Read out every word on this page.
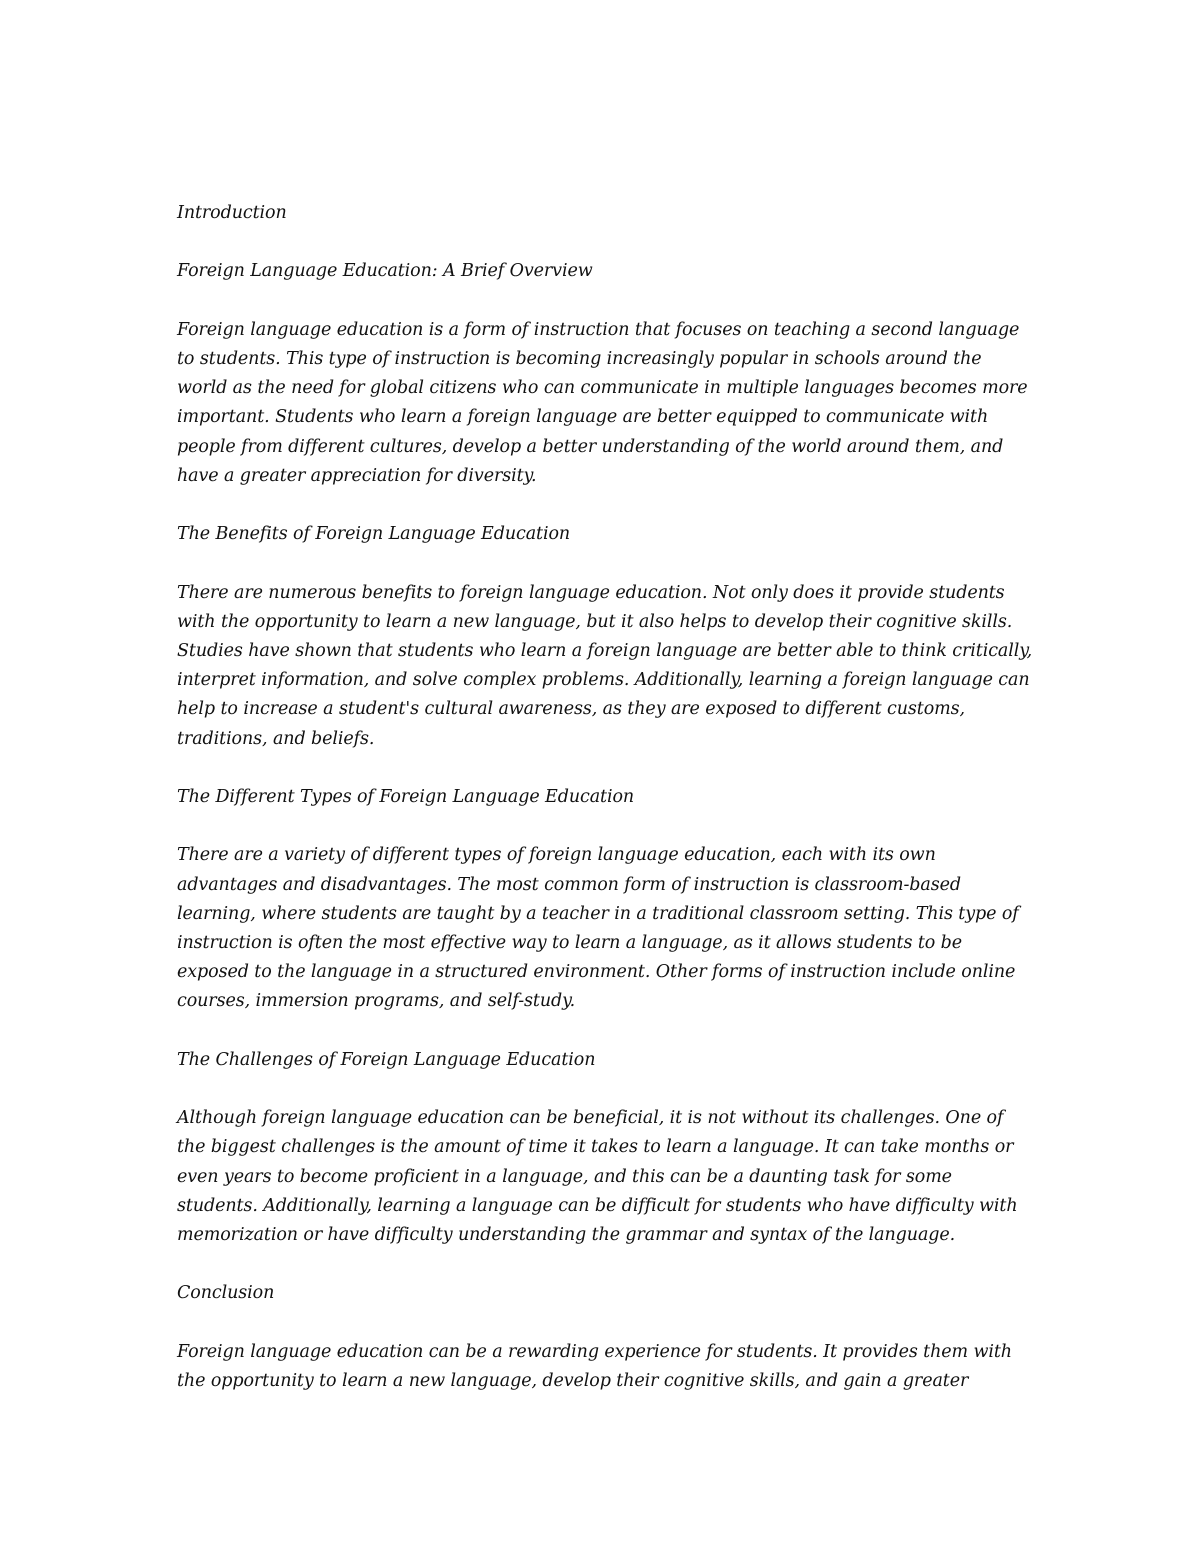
Introduction

Foreign Language Education: A Brief Overview

Foreign language education is a form of instruction that focuses on teaching a second language to students. This type of instruction is becoming increasingly popular in schools around the world as the need for global citizens who can communicate in multiple languages becomes more important. Students who learn a foreign language are better equipped to communicate with people from different cultures, develop a better understanding of the world around them, and have a greater appreciation for diversity.

The Benefits of Foreign Language Education

There are numerous benefits to foreign language education. Not only does it provide students with the opportunity to learn a new language, but it also helps to develop their cognitive skills. Studies have shown that students who learn a foreign language are better able to think critically, interpret information, and solve complex problems. Additionally, learning a foreign language can help to increase a student's cultural awareness, as they are exposed to different customs, traditions, and beliefs.

The Different Types of Foreign Language Education

There are a variety of different types of foreign language education, each with its own advantages and disadvantages. The most common form of instruction is classroom-based learning, where students are taught by a teacher in a traditional classroom setting. This type of instruction is often the most effective way to learn a language, as it allows students to be exposed to the language in a structured environment. Other forms of instruction include online courses, immersion programs, and self-study.

The Challenges of Foreign Language Education

Although foreign language education can be beneficial, it is not without its challenges. One of the biggest challenges is the amount of time it takes to learn a language. It can take months or even years to become proficient in a language, and this can be a daunting task for some students. Additionally, learning a language can be difficult for students who have difficulty with memorization or have difficulty understanding the grammar and syntax of the language.

Conclusion

Foreign language education can be a rewarding experience for students. It provides them with the opportunity to learn a new language, develop their cognitive skills, and gain a greater
